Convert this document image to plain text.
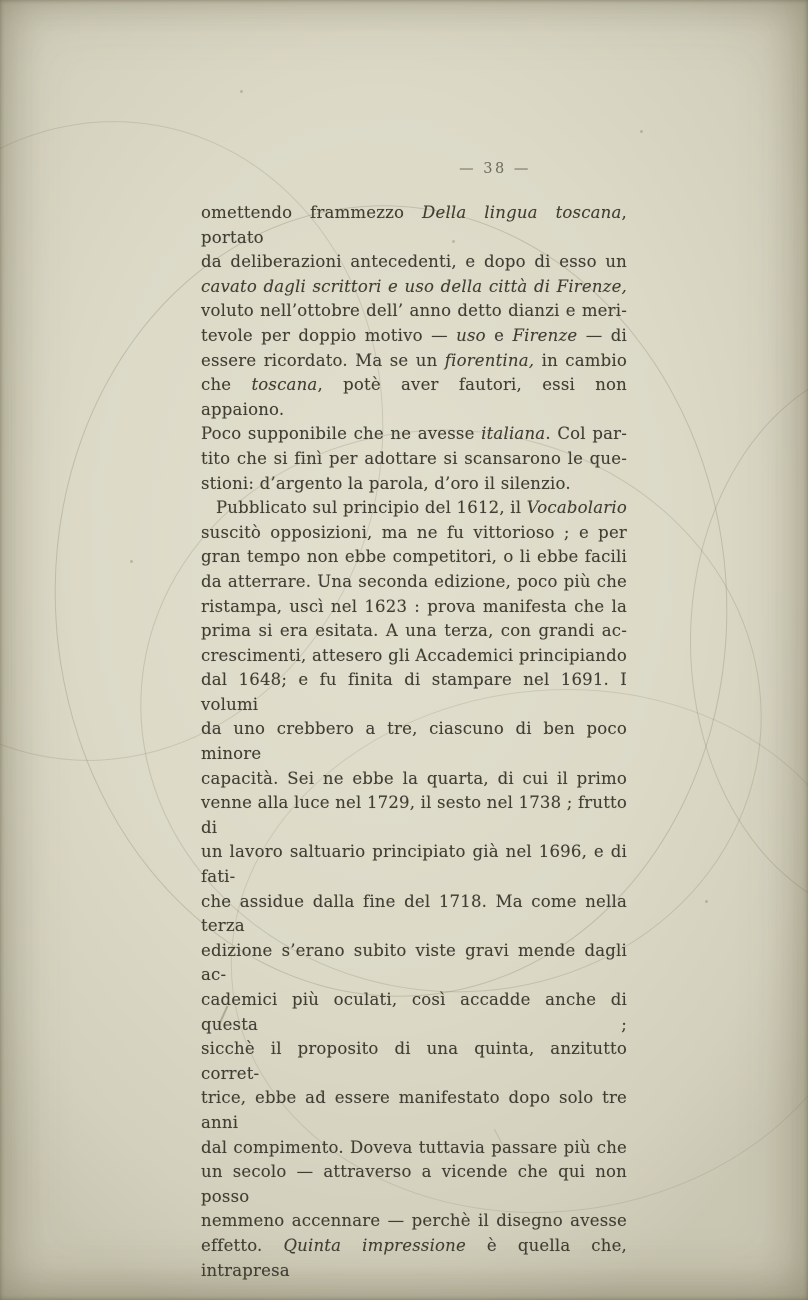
— 38 —
omettendo frammezzo Della lingua toscana, portato
da deliberazioni antecedenti, e dopo di esso un
cavato dagli scrittori e uso della città di Firenze,
voluto nell’ottobre dell’ anno detto dianzi e meri-
tevole per doppio motivo — uso e Firenze — di
essere ricordato. Ma se un fiorentina, in cambio
che toscana, potè aver fautori, essi non appaiono.
Poco supponibile che ne avesse italiana. Col par-
tito che si finì per adottare si scansarono le que-
stioni: d’argento la parola, d’oro il silenzio.
Pubblicato sul principio del 1612, il Vocabolario
suscitò opposizioni, ma ne fu vittorioso ; e per
gran tempo non ebbe competitori, o li ebbe facili
da atterrare. Una seconda edizione, poco più che
ristampa, uscì nel 1623 : prova manifesta che la
prima si era esitata. A una terza, con grandi ac-
crescimenti, attesero gli Accademici principiando
dal 1648; e fu finita di stampare nel 1691. I volumi
da uno crebbero a tre, ciascuno di ben poco minore
capacità. Sei ne ebbe la quarta, di cui il primo
venne alla luce nel 1729, il sesto nel 1738 ; frutto di
un lavoro saltuario principiato già nel 1696, e di fati-
che assidue dalla fine del 1718. Ma come nella terza
edizione s’erano subito viste gravi mende dagli ac-
cademici più oculati, così accadde anche di questa ;
sicchè il proposito di una quinta, anzitutto corret-
trice, ebbe ad essere manifestato dopo solo tre anni
dal compimento. Doveva tuttavia passare più che
un secolo — attraverso a vicende che qui non posso
nemmeno accennare — perchè il disegno avesse
effetto. Quinta impressione è quella che, intrapresa
